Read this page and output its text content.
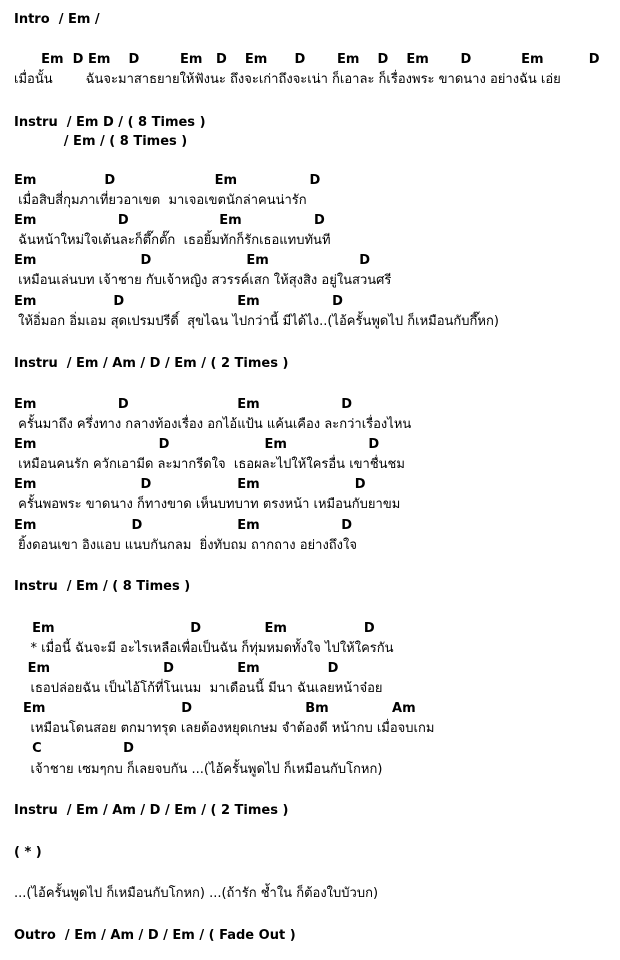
Intro  / Em /

Em  D Em    D         Em   D    Em      D       Em    D    Em       D           Em          D

เมื่อนั้น        ฉันจะมาสาธยายให้ฟังนะ ถึงจะเก่าถึงจะเน่า ก็เอาละ ก็เรื่องพระ ขาดนาง อย่างฉัน เอ่ย

Instru  / Em D / ( 8 Times )

/ Em / ( 8 Times )

Em               D                      Em                D

เมื่อสิบสี่กุมภาเที่ยวอาเขต  มาเจอเขตนักล่าคนน่ารัก

Em                  D                    Em                D

ฉันหน้าใหม่ใจเต้นละก็ตึ๊กตั๊ก  เธอยิ้มทักก็รักเธอแทบทันที

Em                       D                     Em                    D

เหมือนเล่นบท เจ้าชาย กับเจ้าหญิง สวรรค์เสก ให้สุงสิง อยู่ในสวนศรี

Em                 D                         Em                D

ให้อิ่มอก อิ่มเอม สุดเปรมปรีดิ์  สุขไฉน ไปกว่านี้ มีได้ไง..(ไอ้ครั้นพูดไป ก็เหมือนกับกึ๊หก)

Instru  / Em / Am / D / Em / ( 2 Times )

Em                  D                        Em                  D

ครั้นมาถึง ครึ่งทาง กลางท้องเรื่อง อกไอ้แป้น แค้นเคือง ละกว่าเรื่องไหน

Em                           D                     Em                  D

เหมือนคนรัก ควักเอามีด ละมากรีดใจ  เธอผละไปให้ใครอื่น เขาชื่นชม

Em                       D                   Em                     D

ครั้นพอพระ ขาดนาง ก็ทางขาด เห็นบทบาท ตรงหน้า เหมือนกับยาขม

Em                     D                     Em                  D

ยิ้งดอนเขา อิงแอบ แนบกันกลม  ยิ่งทับถม ถากถาง อย่างถึงใจ

Instru  / Em / ( 8 Times )

Em                              D              Em                 D

* เมื่อนี้ ฉันจะมี อะไรเหลือเพื่อเป็นฉัน ก็ทุ่มหมดทั้งใจ ไปให้ใครกัน

Em                         D              Em               D

เธอปล่อยฉัน เป็นไอ้โก้ที่โนเนม  มาเดือนนี้ มีนา ฉันเลยหน้าจ๋อย

Em                              D                         Bm              Am

เหมือนโดนสอย ตกมาทรุด เลยต้องหยุดเกษม จำต้องดี หน้ากบ เมื่อจบเกม

C                  D

เจ้าชาย เซมๆกบ ก็เลยจบกัน ...(ไอ้ครั้นพูดไป ก็เหมือนกับโกหก)

Instru  / Em / Am / D / Em / ( 2 Times )

( * )

...(ไอ้ครั้นพูดไป ก็เหมือนกับโกหก) ...(ถ้ารัก ช้ำใน ก็ต้องใบบัวบก)

Outro  / Em / Am / D / Em / ( Fade Out )
